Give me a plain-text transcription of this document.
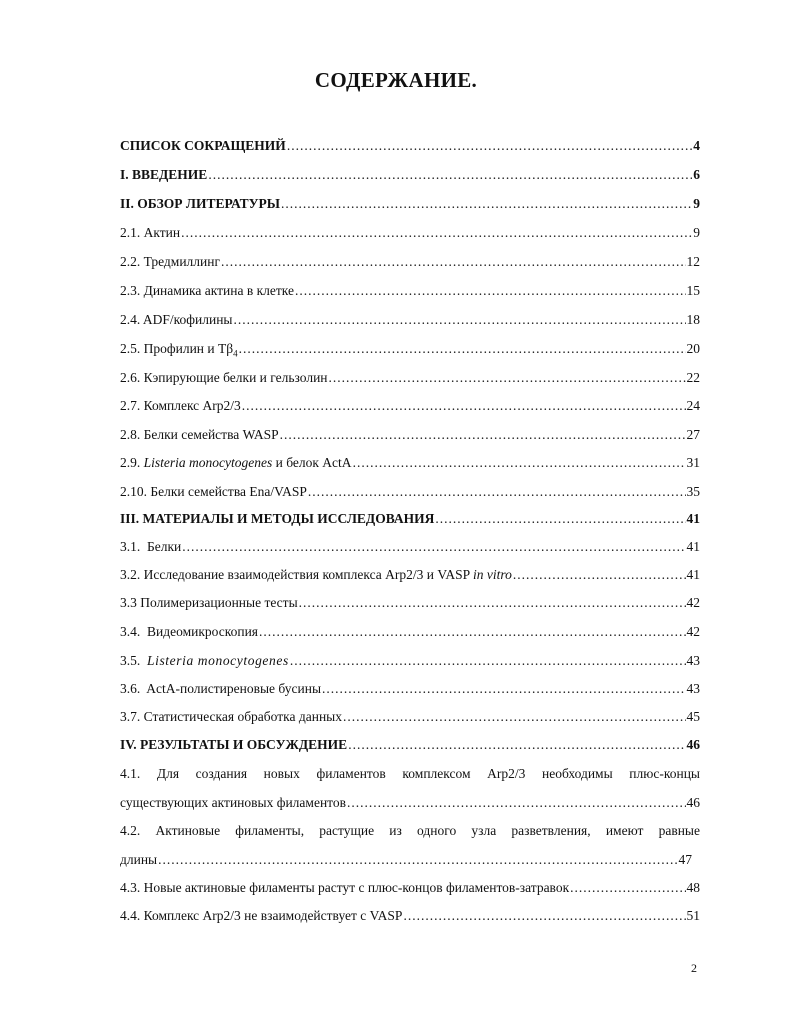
СОДЕРЖАНИЕ.
СПИСОК СОКРАЩЕНИЙ .....	4
I. ВВЕДЕНИЕ .....	6
II. ОБЗОР ЛИТЕРАТУРЫ .....	9
2.1. Актин .....	9
2.2. Тредмиллинг .....	12
2.3. Динамика актина в клетке .....	15
2.4. ADF/кофилины .....	18
2.5. Профилин и $T\beta_4$ .....	20
2.6. Кэпирующие белки и гельзолин .....	22
2.7. Комплекс Arp2/3 .....	24
2.8. Белки семейства WASP .....	27
2.9. Listeria monocytogenes и белок ActA .....	31
2.10. Белки семейства Ena/VASP .....	35
III. МАТЕРИАЛЫ И МЕТОДЫ ИССЛЕДОВАНИЯ .....	41
3.1.  Белки .....	41
3.2. Исследование взаимодействия комплекса Arp2/3 и VASP in vitro .....	41
3.3 Полимеризационные тесты .....	42
3.4.  Видеомикроскопия .....	42
3.5. Listeria monocytogenes .....	43
3.6.  ActA-полистиреновые бусины .....	43
3.7. Статистическая обработка данных .....	45
IV. РЕЗУЛЬТАТЫ И ОБСУЖДЕНИЕ .....	46
4.1. Для создания новых филаментов комплексом Arp2/3 необходимы плюс-концы
существующих актиновых филаментов .....	46
4.2. Актиновые филаменты, растущие из одного узла разветвления, имеют равные
длины .....	47
4.3. Новые актиновые филаменты растут с плюс-концов филаментов-затравок .....	48
4.4. Комплекс Arp2/3 не взаимодействует с VASP .....	51
2
